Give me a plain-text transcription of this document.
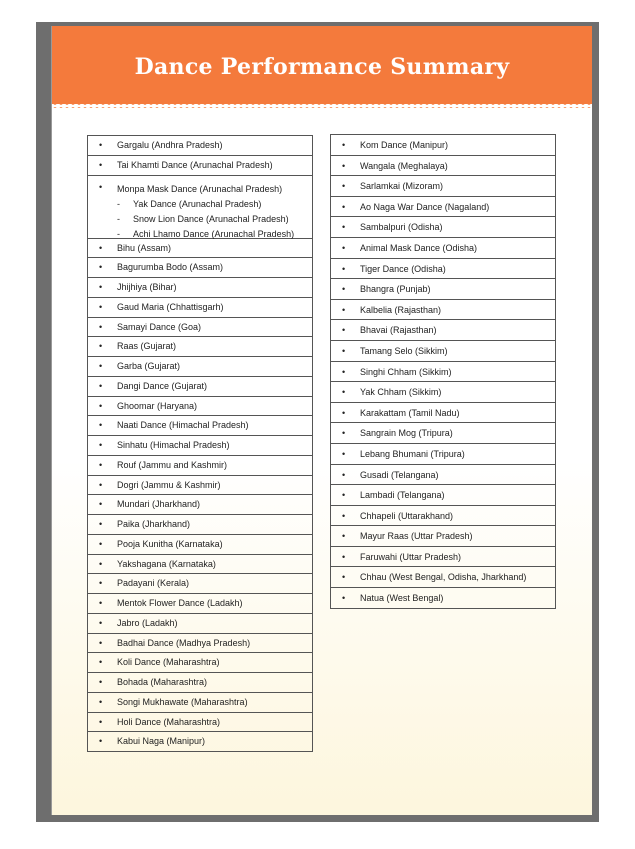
Dance Performance Summary
• Gargalu (Andhra Pradesh)
• Tai Khamti Dance (Arunachal Pradesh)
• Monpa Mask Dance (Arunachal Pradesh)
- Yak Dance (Arunachal Pradesh)
- Snow Lion Dance (Arunachal Pradesh)
- Achi Lhamo Dance (Arunachal Pradesh)
• Bihu (Assam)
• Bagurumba Bodo (Assam)
• Jhijhiya (Bihar)
• Gaud Maria (Chhattisgarh)
• Samayi Dance (Goa)
• Raas (Gujarat)
• Garba (Gujarat)
• Dangi Dance (Gujarat)
• Ghoomar (Haryana)
• Naati Dance (Himachal Pradesh)
• Sinhatu (Himachal Pradesh)
• Rouf (Jammu and Kashmir)
• Dogri (Jammu & Kashmir)
• Mundari (Jharkhand)
• Paika (Jharkhand)
• Pooja Kunitha (Karnataka)
• Yakshagana (Karnataka)
• Padayani (Kerala)
• Mentok Flower Dance (Ladakh)
• Jabro (Ladakh)
• Badhai Dance (Madhya Pradesh)
• Koli Dance (Maharashtra)
• Bohada (Maharashtra)
• Songi Mukhawate (Maharashtra)
• Holi Dance (Maharashtra)
• Kabui Naga (Manipur)
• Kom Dance (Manipur)
• Wangala (Meghalaya)
• Sarlamkai (Mizoram)
• Ao Naga War Dance (Nagaland)
• Sambalpuri (Odisha)
• Animal Mask Dance (Odisha)
• Tiger Dance (Odisha)
• Bhangra (Punjab)
• Kalbelia (Rajasthan)
• Bhavai (Rajasthan)
• Tamang Selo (Sikkim)
• Singhi Chham (Sikkim)
• Yak Chham (Sikkim)
• Karakattam (Tamil Nadu)
• Sangrain Mog (Tripura)
• Lebang Bhumani (Tripura)
• Gusadi (Telangana)
• Lambadi (Telangana)
• Chhapeli (Uttarakhand)
• Mayur Raas (Uttar Pradesh)
• Faruwahi (Uttar Pradesh)
• Chhau (West Bengal, Odisha, Jharkhand)
• Natua (West Bengal)
